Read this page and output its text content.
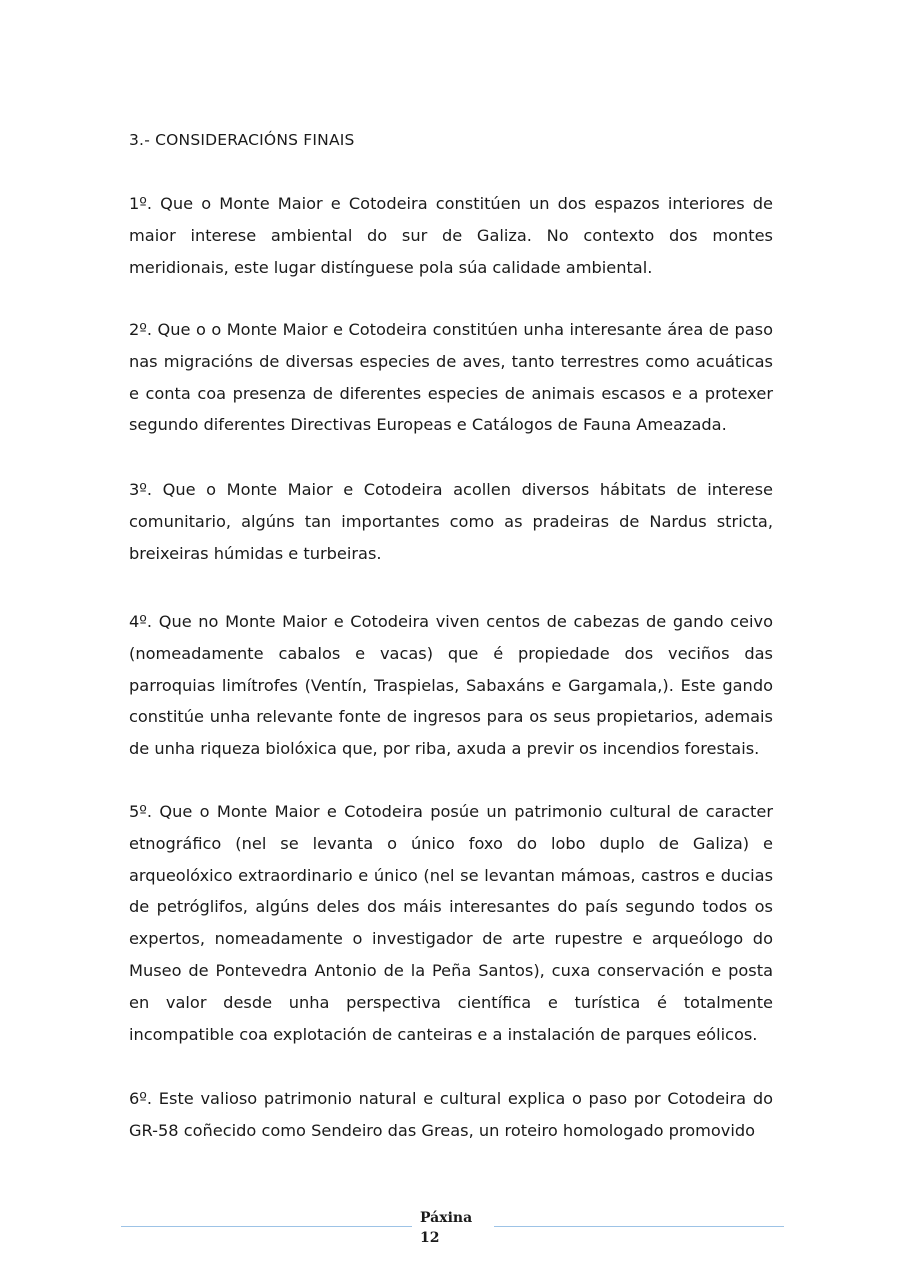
3.- CONSIDERACIÓNS FINAIS

1º. Que o Monte Maior e Cotodeira constitúen un dos espazos interiores de maior interese ambiental do sur de Galiza. No contexto dos montes meridionais, este lugar distínguese pola súa calidade ambiental.

2º. Que o o Monte Maior e Cotodeira constitúen unha interesante área de paso nas migracións de diversas especies de aves, tanto terrestres como acuáticas e conta coa presenza de diferentes especies de animais escasos e a protexer segundo diferentes Directivas Europeas e Catálogos de Fauna Ameazada.

3º. Que o Monte Maior e Cotodeira acollen diversos hábitats de interese comunitario, algúns tan importantes como as pradeiras de Nardus stricta, breixeiras húmidas e turbeiras.

4º. Que no Monte Maior e Cotodeira viven centos de cabezas de gando ceivo (nomeadamente cabalos e vacas) que é propiedade dos veciños das parroquias limítrofes (Ventín, Traspielas, Sabaxáns e Gargamala,). Este gando constitúe unha relevante fonte de ingresos para os seus propietarios, ademais de unha riqueza biolóxica que, por riba, axuda a previr os incendios forestais.

5º. Que o Monte Maior e Cotodeira posúe un patrimonio cultural de caracter etnográfico (nel se levanta o único foxo do lobo duplo de Galiza) e arqueolóxico extraordinario e único (nel se levantan mámoas, castros e ducias de petróglifos, algúns deles dos máis interesantes do país segundo todos os expertos, nomeadamente o investigador de arte rupestre e arqueólogo do Museo de Pontevedra Antonio de la Peña Santos), cuxa conservación e posta en valor desde unha perspectiva científica e turística é totalmente incompatible coa explotación de canteiras e a instalación de parques eólicos.

6º. Este valioso patrimonio natural e cultural explica o paso por Cotodeira do GR-58 coñecido como Sendeiro das Greas, un roteiro homologado promovido

Páxina
12
